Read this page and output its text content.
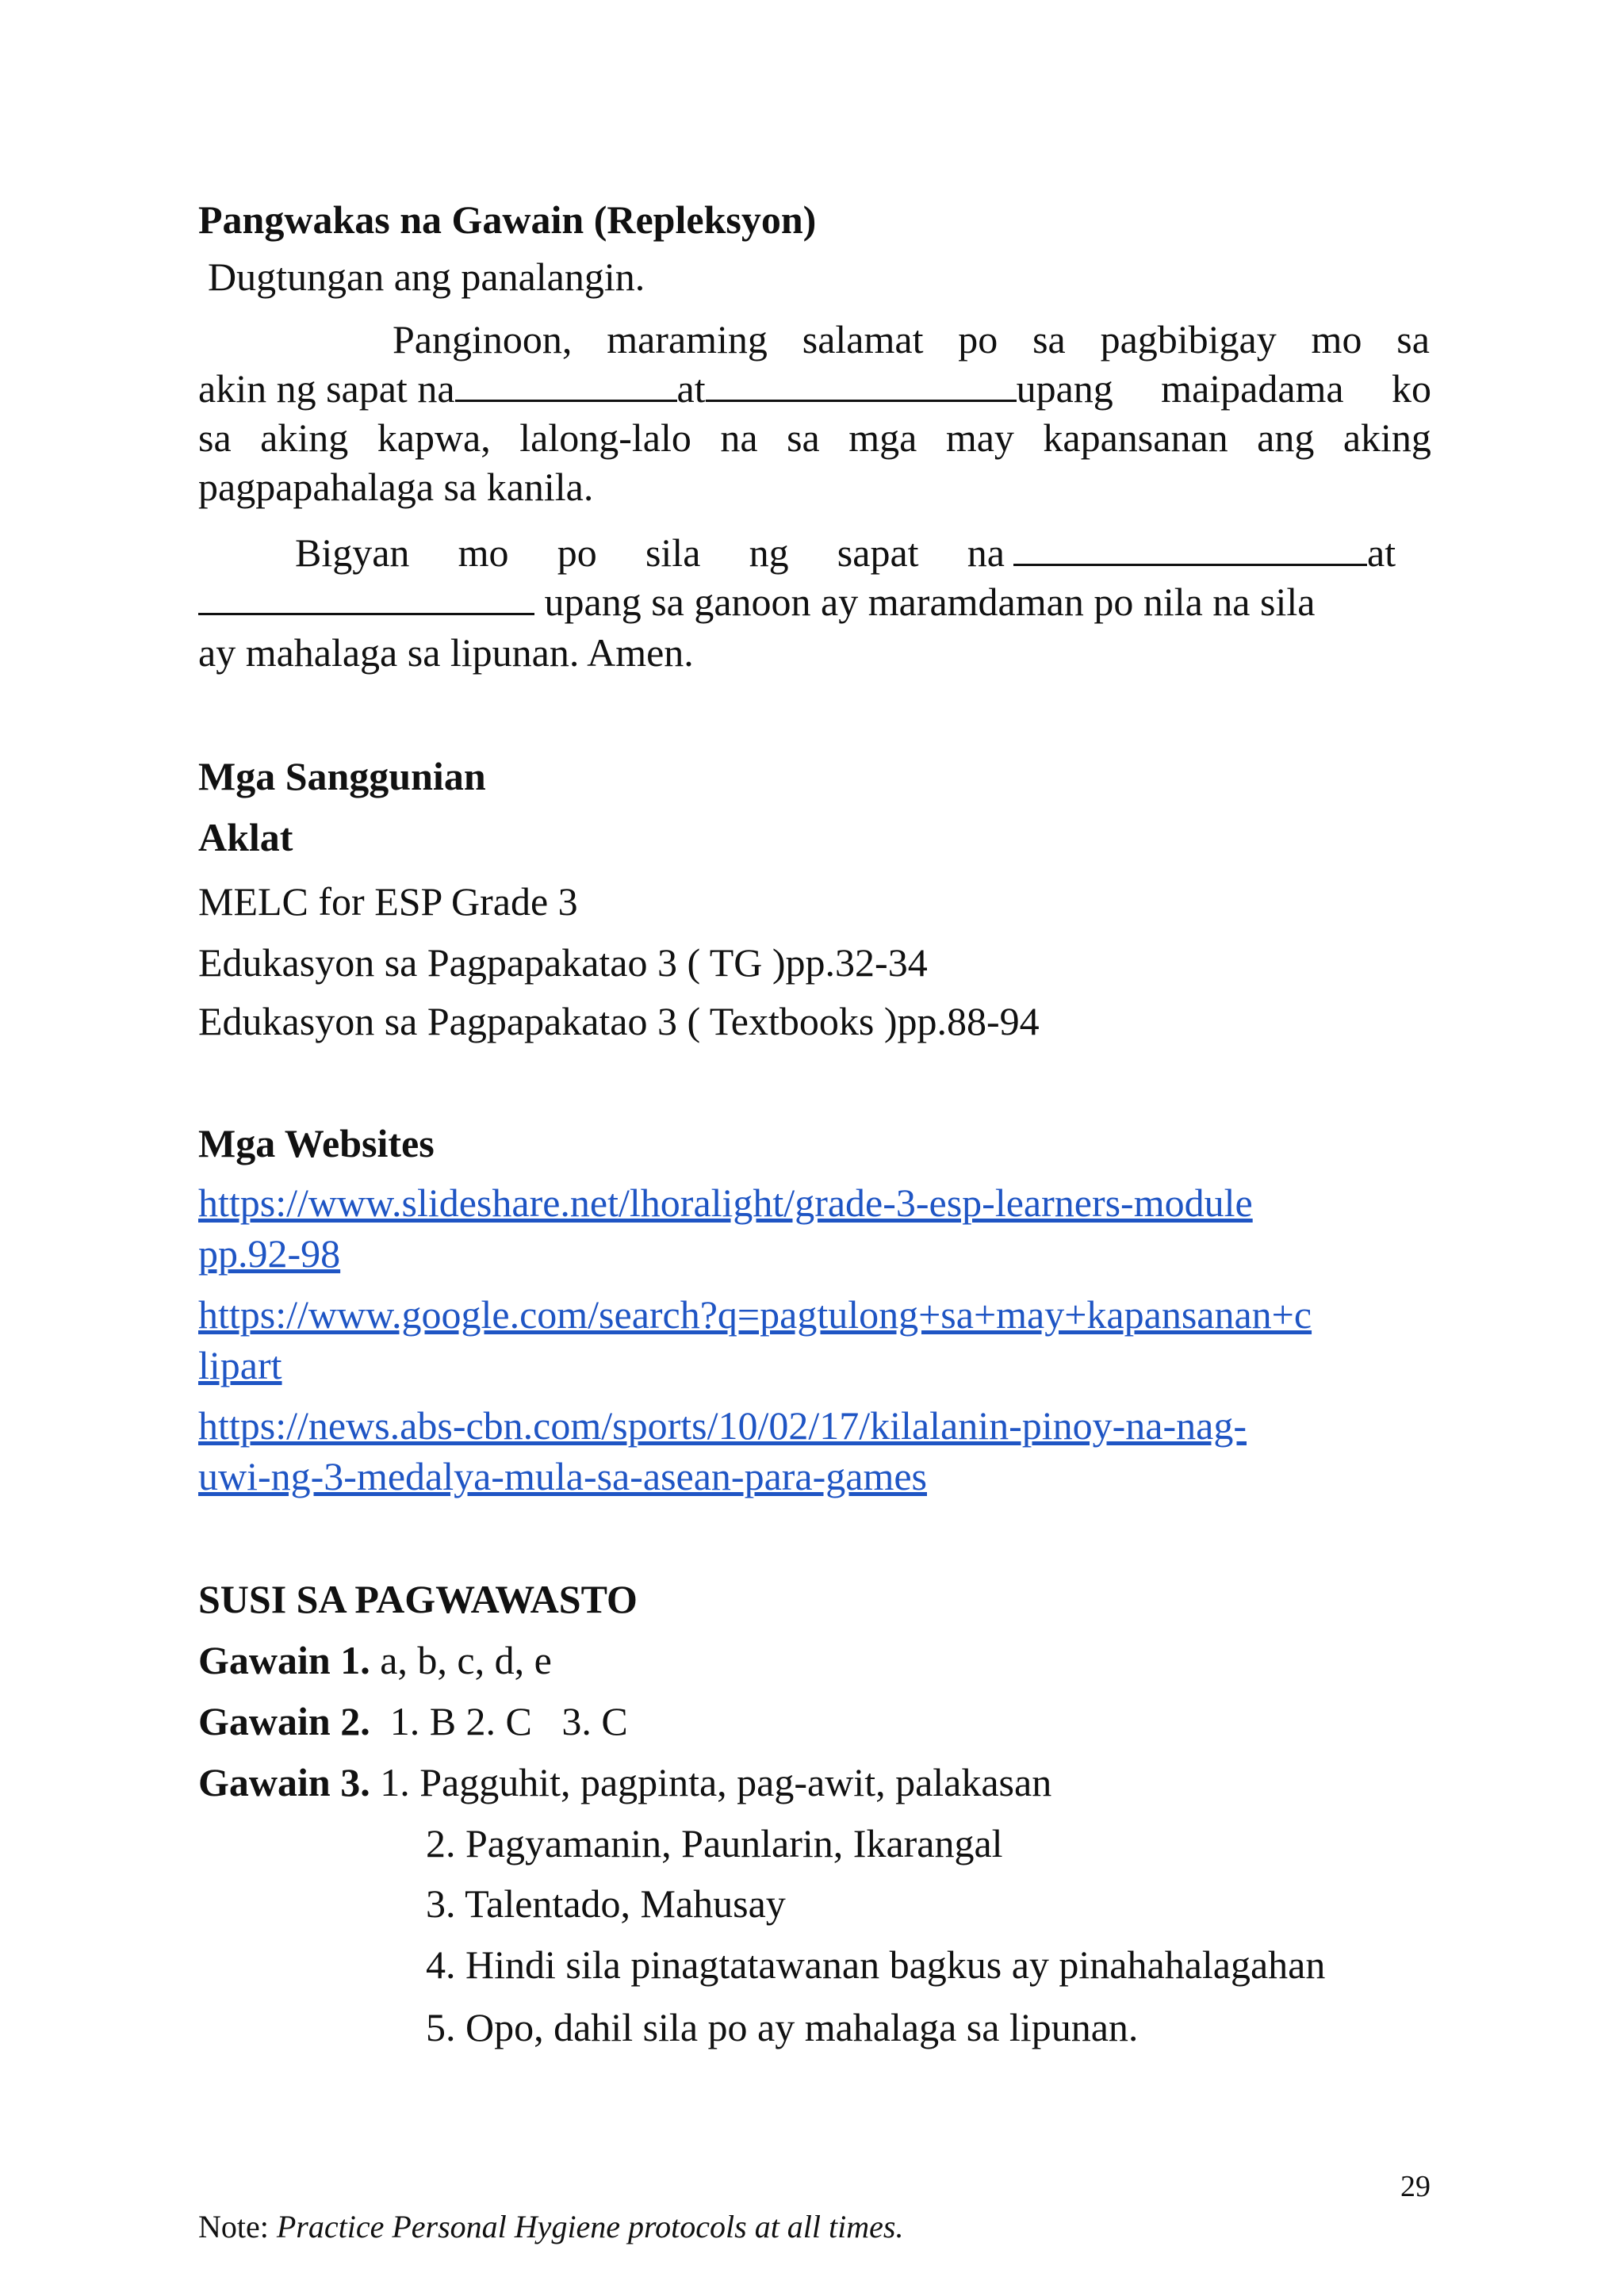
Pangwakas na Gawain (Repleksyon)
Dugtungan ang panalangin.
Panginoon, maraming salamat po sa pagbibigay mo sa
akin ng sapat na	at	upang maipadama ko
sa aking kapwa, lalong-lalo na sa mga may kapansanan ang aking
pagpapahalaga sa kanila.
Bigyan mo po sila ng sapat na	at
upang sa ganoon ay maramdaman po nila na sila
ay mahalaga sa lipunan. Amen.
Mga Sanggunian
Aklat
MELC for ESP Grade 3
Edukasyon sa Pagpapakatao 3 ( TG )pp.32-34
Edukasyon sa Pagpapakatao 3 ( Textbooks )pp.88-94
Mga Websites
https://www.slideshare.net/lhoralight/grade-3-esp-learners-module
pp.92-98
https://www.google.com/search?q=pagtulong+sa+may+kapansanan+c
lipart
https://news.abs-cbn.com/sports/10/02/17/kilalanin-pinoy-na-nag-
uwi-ng-3-medalya-mula-sa-asean-para-games
SUSI SA PAGWAWASTO
Gawain 1. a, b, c, d, e
Gawain 2.  1. B 2. C   3. C
Gawain 3. 1. Pagguhit, pagpinta, pag-awit, palakasan
2. Pagyamanin, Paunlarin, Ikarangal
3. Talentado, Mahusay
4. Hindi sila pinagtatawanan bagkus ay pinahahalagahan
5. Opo, dahil sila po ay mahalaga sa lipunan.
29
Note: Practice Personal Hygiene protocols at all times.
